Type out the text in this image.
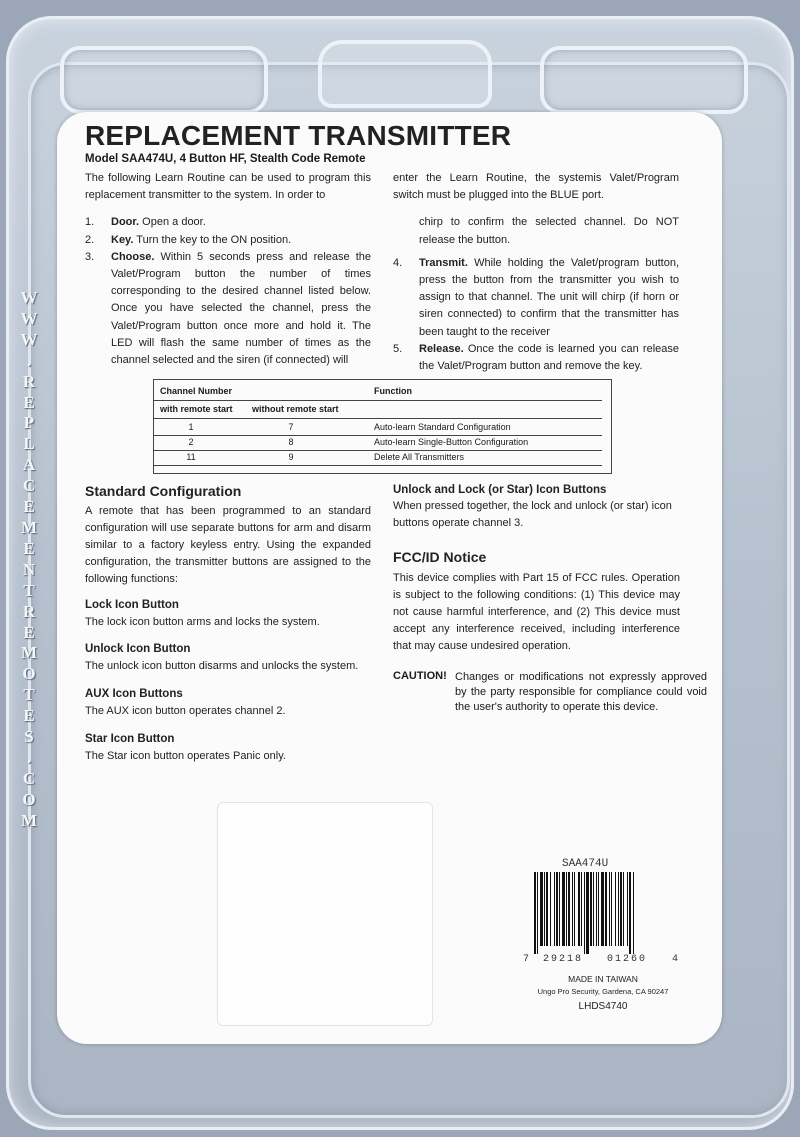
W
W
W
.
R
E
P
L
A
C
E
M
E
N
T
R
E
M
O
T
E
S
.
C
O
M
REPLACEMENT TRANSMITTER
Model SAA474U, 4 Button HF, Stealth Code Remote

The following Learn Routine can be used to program this replacement transmitter to the system. In order to

1.	Door. Open a door.
2.	Key. Turn the key to the ON position.
3.	Choose. Within 5 seconds press and release the Valet/Program button the number of times corresponding to the desired channel listed below. Once you have selected the channel, press the Valet/Program button once more and hold it. The LED will flash the same number of times as the channel selected and the siren (if connected) will

enter the Learn Routine, the systemis Valet/Program switch must be plugged into the BLUE port.

chirp to confirm the selected channel. Do NOT release the button.

4.	Transmit. While holding the Valet/program button, press the button from the transmitter you wish to assign to that channel. The unit will chirp (if horn or siren connected) to confirm that the transmitter has been taught to the receiver
5.	Release. Once the code is learned you can release the Valet/Program button and remove the key.
Channel Number	Function
with remote start without remote start
1	7	Auto-learn Standard Configuration
2	8	Auto-learn Single-Button Configuration
11	9	Delete All Transmitters
Standard Configuration
A remote that has been programmed to an standard configuration will use separate buttons for arm and disarm similar to a factory keyless entry. Using the expanded configuration, the transmitter buttons are assigned to the following functions:
Lock Icon Button
The lock icon button arms and locks the system.
Unlock Icon Button
The unlock icon button disarms and unlocks the system.
AUX Icon Buttons
The AUX icon button operates channel 2.
Star Icon Button
The Star icon button operates Panic only.
Unlock and Lock (or Star) Icon Buttons
When pressed together, the lock and unlock (or star) icon buttons operate channel 3.
FCC/ID Notice
This device complies with Part 15 of FCC rules. Operation is subject to the following conditions: (1) This device may not cause harmful interference, and (2) This device must accept any interference received, including interference that may cause undesired operation.
CAUTION! Changes or modifications not expressly approved by the party responsible for compliance could void the user's authority to operate this device.
SAA474U
7 29218 01260 4
MADE IN TAIWAN
Ungo Pro Security, Gardena, CA 90247
LHDS4740
